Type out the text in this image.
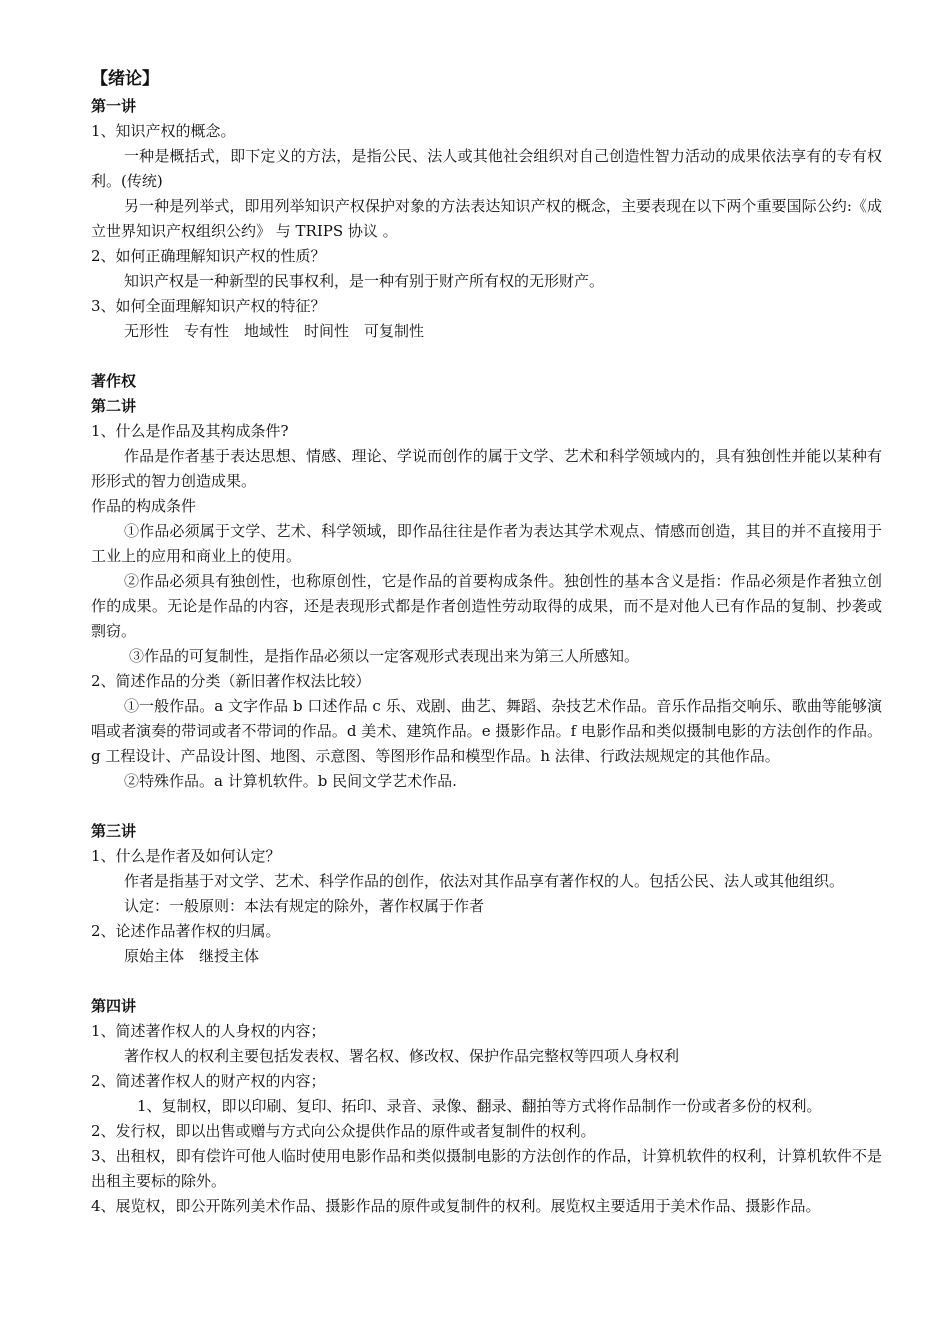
【绪论】

第一讲

1、知识产权的概念。

一种是概括式，即下定义的方法，是指公民、法人或其他社会组织对自己创造性智力活动的成果依法享有的专有权利。(传统)

另一种是列举式，即用列举知识产权保护对象的方法表达知识产权的概念，主要表现在以下两个重要国际公约:《成立世界知识产权组织公约》 与 TRIPS 协议 。

2、如何正确理解知识产权的性质？

知识产权是一种新型的民事权利，是一种有别于财产所有权的无形财产。

3、如何全面理解知识产权的特征？

无形性　专有性　地域性　时间性　可复制性

著作权

第二讲

1、什么是作品及其构成条件?

作品是作者基于表达思想、情感、理论、学说而创作的属于文学、艺术和科学领域内的，具有独创性并能以某种有形形式的智力创造成果。

作品的构成条件

①作品必须属于文学、艺术、科学领域，即作品往往是作者为表达其学术观点、情感而创造，其目的并不直接用于工业上的应用和商业上的使用。

②作品必须具有独创性，也称原创性，它是作品的首要构成条件。独创性的基本含义是指：作品必须是作者独立创作的成果。无论是作品的内容，还是表现形式都是作者创造性劳动取得的成果，而不是对他人已有作品的复制、抄袭或剽窃。

③作品的可复制性，是指作品必须以一定客观形式表现出来为第三人所感知。

2、简述作品的分类（新旧著作权法比较）

①一般作品。a 文字作品 b 口述作品 c 乐、戏剧、曲艺、舞蹈、杂技艺术作品。音乐作品指交响乐、歌曲等能够演唱或者演奏的带词或者不带词的作品。d 美术、建筑作品。e 摄影作品。f 电影作品和类似摄制电影的方法创作的作品。g 工程设计、产品设计图、地图、示意图、等图形作品和模型作品。h 法律、行政法规规定的其他作品。

②特殊作品。a 计算机软件。b 民间文学艺术作品.

第三讲

1、什么是作者及如何认定？

作者是指基于对文学、艺术、科学作品的创作，依法对其作品享有著作权的人。包括公民、法人或其他组织。

认定：一般原则：本法有规定的除外，著作权属于作者

2、论述作品著作权的归属。

原始主体　继授主体

第四讲

1、简述著作权人的人身权的内容；

著作权人的权利主要包括发表权、署名权、修改权、保护作品完整权等四项人身权利

2、简述著作权人的财产权的内容；

1、复制权，即以印刷、复印、拓印、录音、录像、翻录、翻拍等方式将作品制作一份或者多份的权利。

2、发行权，即以出售或赠与方式向公众提供作品的原件或者复制件的权利。

3、出租权，即有偿许可他人临时使用电影作品和类似摄制电影的方法创作的作品，计算机软件的权利，计算机软件不是出租主要标的除外。

4、展览权，即公开陈列美术作品、摄影作品的原件或复制件的权利。展览权主要适用于美术作品、摄影作品。
